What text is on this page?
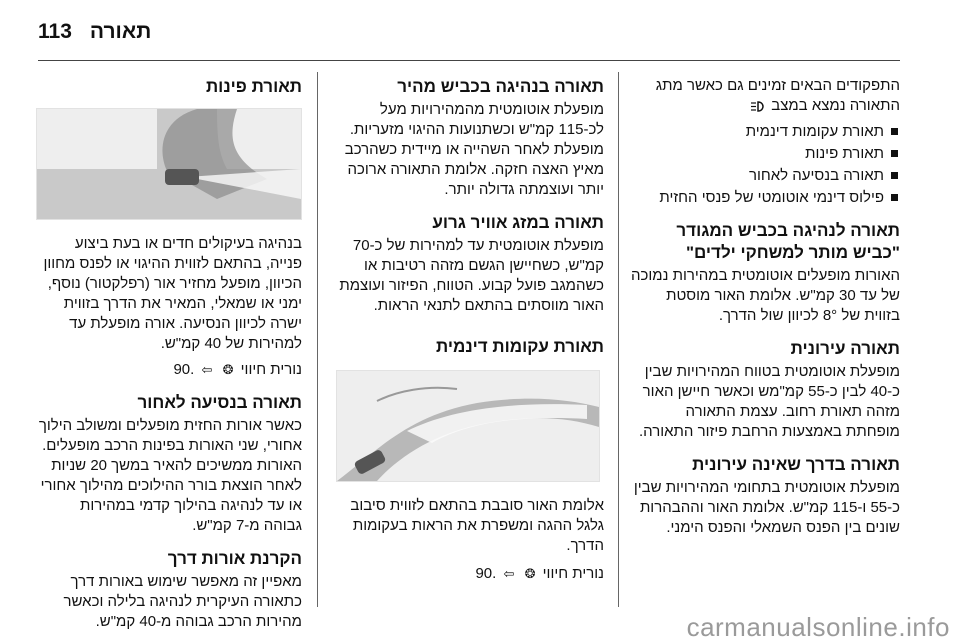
113 תאורה

התפקודים הבאים זמינים גם כאשר מתג התאורה נמצא במצב

תאורת עקומות דינמית
תאורת פינות
תאורה בנסיעה לאחור
פילוס דינמי אוטומטי של פנסי החזית
תאורה לנהיגה בכביש המגודר "כביש מותר למשחקי ילדים"

האורות מופעלים אוטומטית במהירות נמוכה של עד 30 קמ"ש. אלומת האור מוסטת בזווית של 8° לכיוון שול הדרך.

תאורה עירונית

מופעלת אוטומטית בטווח המהירויות שבין כ-40 לבין כ-55 קמ"מש וכאשר חיישן האור מזהה תאורת רחוב. עצמת התאורה מופחתת באמצעות הרחבת פיזור התאורה.

תאורה בדרך שאינה עירונית

מופעלת אוטומטית בתחומי המהירויות שבין כ-55 ו-115 קמ"ש. אלומת האור וההבהרות שונים בין הפנס השמאלי והפנס הימני.

תאורה בנהיגה בכביש מהיר

מופעלת אוטומטית מהמהירויות מעל לכ-115 קמ"ש וכשתנועות ההיגוי מזעריות. מופעלת לאחר השהייה או מיידית כשהרכב מאיץ האצה חזקה. אלומת התאורה ארוכה יותר ועוצמתה גדולה יותר.

תאורה במזג אוויר גרוע

מופעלת אוטומטית עד למהירות של כ-70 קמ"ש, כשחיישן הגשם מזהה רטיבות או כשהמגב פועל קבוע. הטווח, הפיזור ועוצמת האור מווסתים בהתאם לתנאי הראות.

תאורת עקומות דינמית

אלומת האור סובבת בהתאם לזווית סיבוב גלגל ההגה ומשפרת את הראות בעקומות הדרך.

נורית חיווי ❂ ⇦ .90

תאורת פינות

בנהיגה בעיקולים חדים או בעת ביצוע פנייה, בהתאם לזווית ההיגוי או לפנס מחוון הכיוון, מופעל מחזיר אור (רפלקטור) נוסף, ימני או שמאלי, המאיר את הדרך בזווית ישרה לכיוון הנסיעה. אורה מופעלת עד למהירות של 40 קמ"ש.

נורית חיווי ❂ ⇦ .90

תאורה בנסיעה לאחור

כאשר אורות החזית מופעלים ומשולב הילוך אחורי, שני האורות בפינות הרכב מופעלים. האורות ממשיכים להאיר במשך 20 שניות לאחר הוצאת בורר ההילוכים מהילוך אחורי או עד לנהיגה בהילוך קדמי במהירות גבוהה מ-7 קמ"ש.

הקרנת אורות דרך

מאפיין זה מאפשר שימוש באורות דרך כתאורה העיקרית לנהיגה בלילה וכאשר מהירות הרכב גבוהה מ-40 קמ"ש.	carmanualsonline.info
